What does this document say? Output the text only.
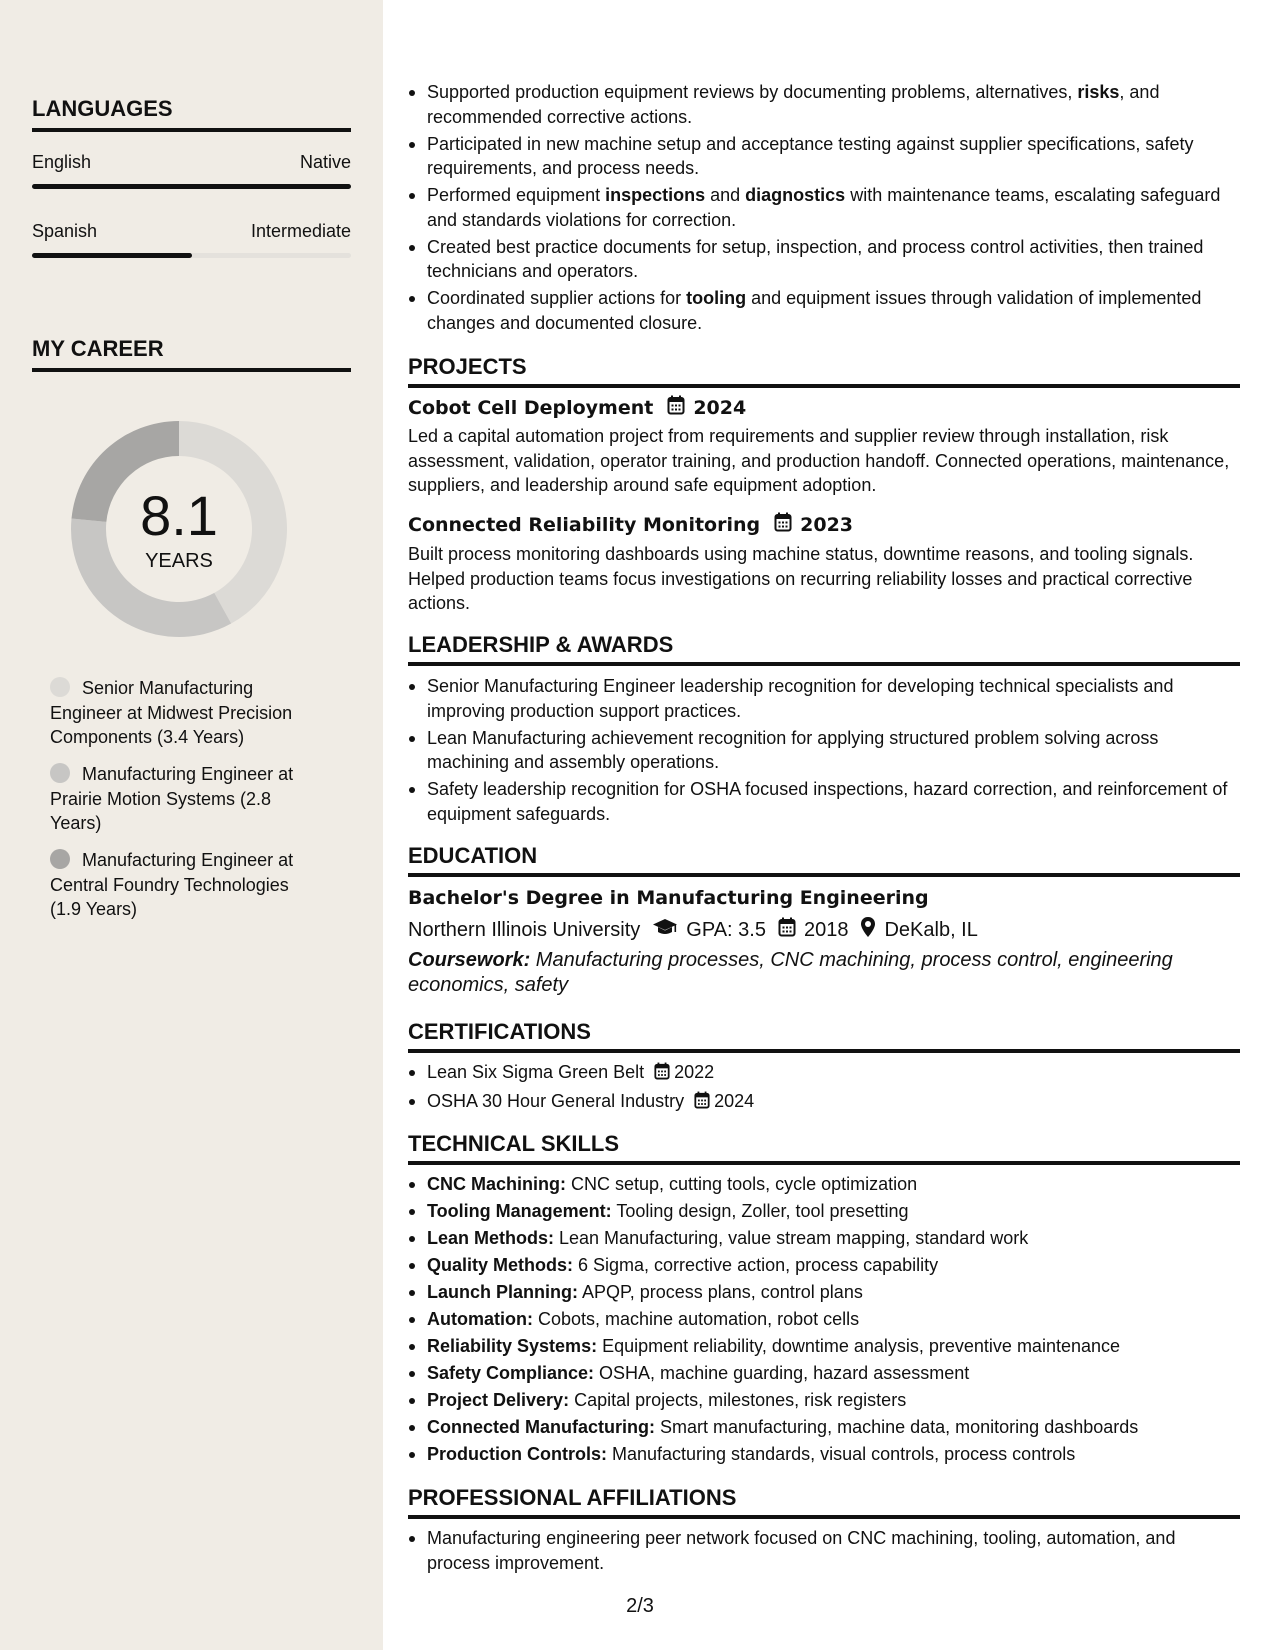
LANGUAGES
English	Native
Spanish	Intermediate
MY CAREER
8.1
YEARS
Senior Manufacturing Engineer at Midwest Precision Components (3.4 Years)
Manufacturing Engineer at Prairie Motion Systems (2.8 Years)
Manufacturing Engineer at Central Foundry Technologies (1.9 Years)
Supported production equipment reviews by documenting problems, alternatives, risks, and recommended corrective actions.
Participated in new machine setup and acceptance testing against supplier specifications, safety requirements, and process needs.
Performed equipment inspections and diagnostics with maintenance teams, escalating safeguard and standards violations for correction.
Created best practice documents for setup, inspection, and process control activities, then trained technicians and operators.
Coordinated supplier actions for tooling and equipment issues through validation of implemented changes and documented closure.
PROJECTS
Cobot Cell Deployment 2024
Led a capital automation project from requirements and supplier review through installation, risk assessment, validation, operator training, and production handoff. Connected operations, maintenance, suppliers, and leadership around safe equipment adoption.
Connected Reliability Monitoring 2023
Built process monitoring dashboards using machine status, downtime reasons, and tooling signals. Helped production teams focus investigations on recurring reliability losses and practical corrective actions.
LEADERSHIP & AWARDS
Senior Manufacturing Engineer leadership recognition for developing technical specialists and improving production support practices.
Lean Manufacturing achievement recognition for applying structured problem solving across machining and assembly operations.
Safety leadership recognition for OSHA focused inspections, hazard correction, and reinforcement of equipment safeguards.
EDUCATION
Bachelor's Degree in Manufacturing Engineering
Northern Illinois University GPA: 3.5 2018 DeKalb, IL
Coursework: Manufacturing processes, CNC machining, process control, engineering economics, safety
CERTIFICATIONS
Lean Six Sigma Green Belt 2022
OSHA 30 Hour General Industry 2024
TECHNICAL SKILLS
CNC Machining: CNC setup, cutting tools, cycle optimization
Tooling Management: Tooling design, Zoller, tool presetting
Lean Methods: Lean Manufacturing, value stream mapping, standard work
Quality Methods: 6 Sigma, corrective action, process capability
Launch Planning: APQP, process plans, control plans
Automation: Cobots, machine automation, robot cells
Reliability Systems: Equipment reliability, downtime analysis, preventive maintenance
Safety Compliance: OSHA, machine guarding, hazard assessment
Project Delivery: Capital projects, milestones, risk registers
Connected Manufacturing: Smart manufacturing, machine data, monitoring dashboards
Production Controls: Manufacturing standards, visual controls, process controls
PROFESSIONAL AFFILIATIONS
Manufacturing engineering peer network focused on CNC machining, tooling, automation, and process improvement.
2/3
